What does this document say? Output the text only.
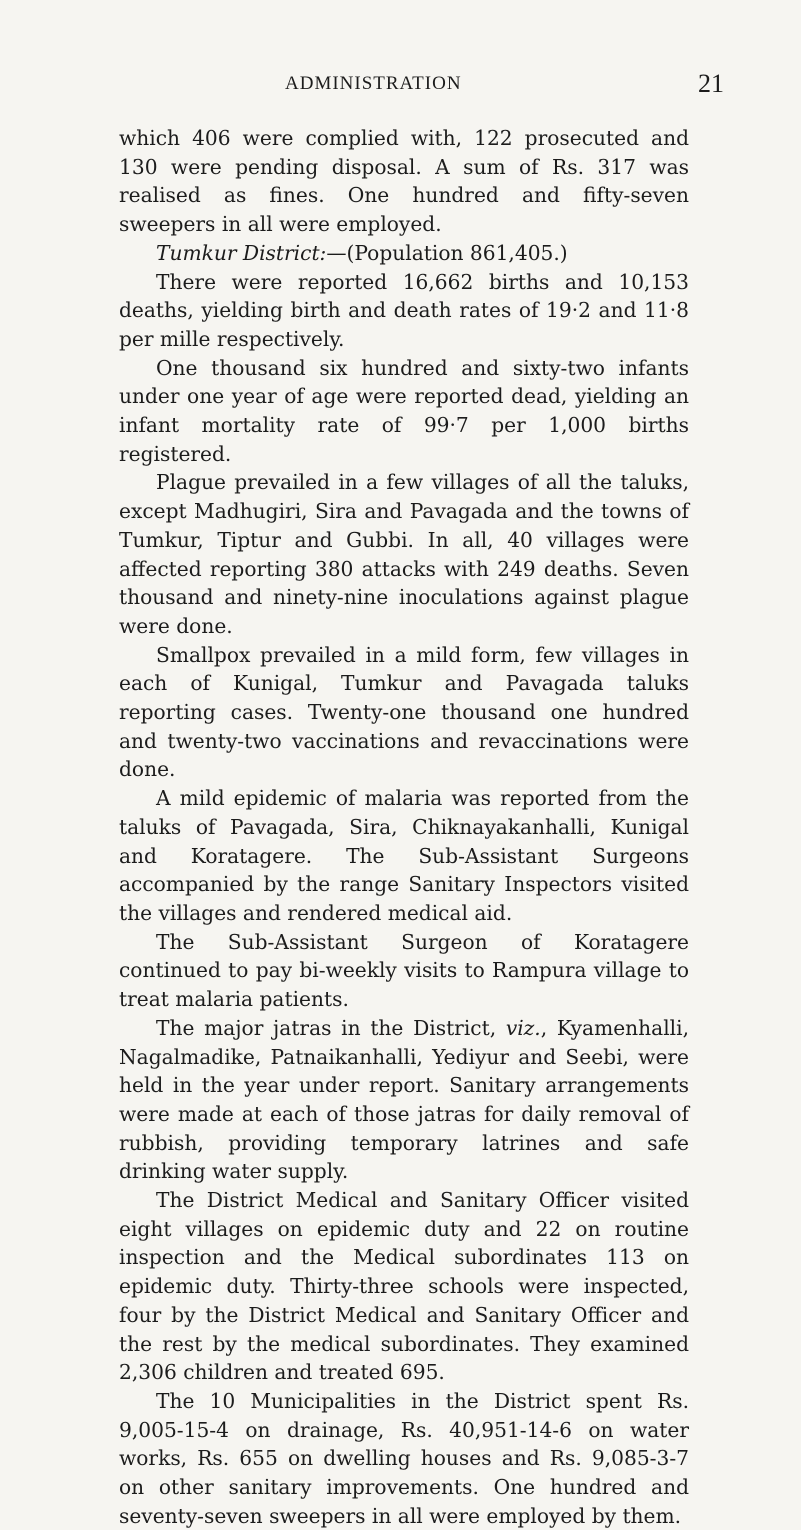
ADMINISTRATION	21

which 406 were complied with, 122 prosecuted and 130 were pending disposal. A sum of Rs. 317 was realised as fines. One hundred and fifty-seven sweepers in all were employed.

Tumkur District:—(Population 861,405.)

There were reported 16,662 births and 10,153 deaths, yielding birth and death rates of 19·2 and 11·8 per mille respectively.

One thousand six hundred and sixty-two infants under one year of age were reported dead, yielding an infant mortality rate of 99·7 per 1,000 births registered.

Plague prevailed in a few villages of all the taluks, except Madhugiri, Sira and Pavagada and the towns of Tumkur, Tiptur and Gubbi. In all, 40 villages were affected reporting 380 attacks with 249 deaths. Seven thousand and ninety-nine inoculations against plague were done.

Smallpox prevailed in a mild form, few villages in each of Kunigal, Tumkur and Pavagada taluks reporting cases. Twenty-one thousand one hundred and twenty-two vaccinations and revaccinations were done.

A mild epidemic of malaria was reported from the taluks of Pavagada, Sira, Chiknayakanhalli, Kunigal and Koratagere. The Sub-Assistant Surgeons accompanied by the range Sanitary Inspectors visited the villages and rendered medical aid.

The Sub-Assistant Surgeon of Koratagere continued to pay bi-weekly visits to Rampura village to treat malaria patients.

The major jatras in the District, viz., Kyamenhalli, Nagalmadike, Patnaikanhalli, Yediyur and Seebi, were held in the year under report. Sanitary arrangements were made at each of those jatras for daily removal of rubbish, providing temporary latrines and safe drinking water supply.

The District Medical and Sanitary Officer visited eight villages on epidemic duty and 22 on routine inspection and the Medical subordinates 113 on epidemic duty. Thirty-three schools were inspected, four by the District Medical and Sanitary Officer and the rest by the medical subordinates. They examined 2,306 children and treated 695.

The 10 Municipalities in the District spent Rs. 9,005-15-4 on drainage, Rs. 40,951-14-6 on water works, Rs. 655 on dwelling houses and Rs. 9,085-3-7 on other sanitary improvements. One hundred and seventy-seven sweepers in all were employed by them.
